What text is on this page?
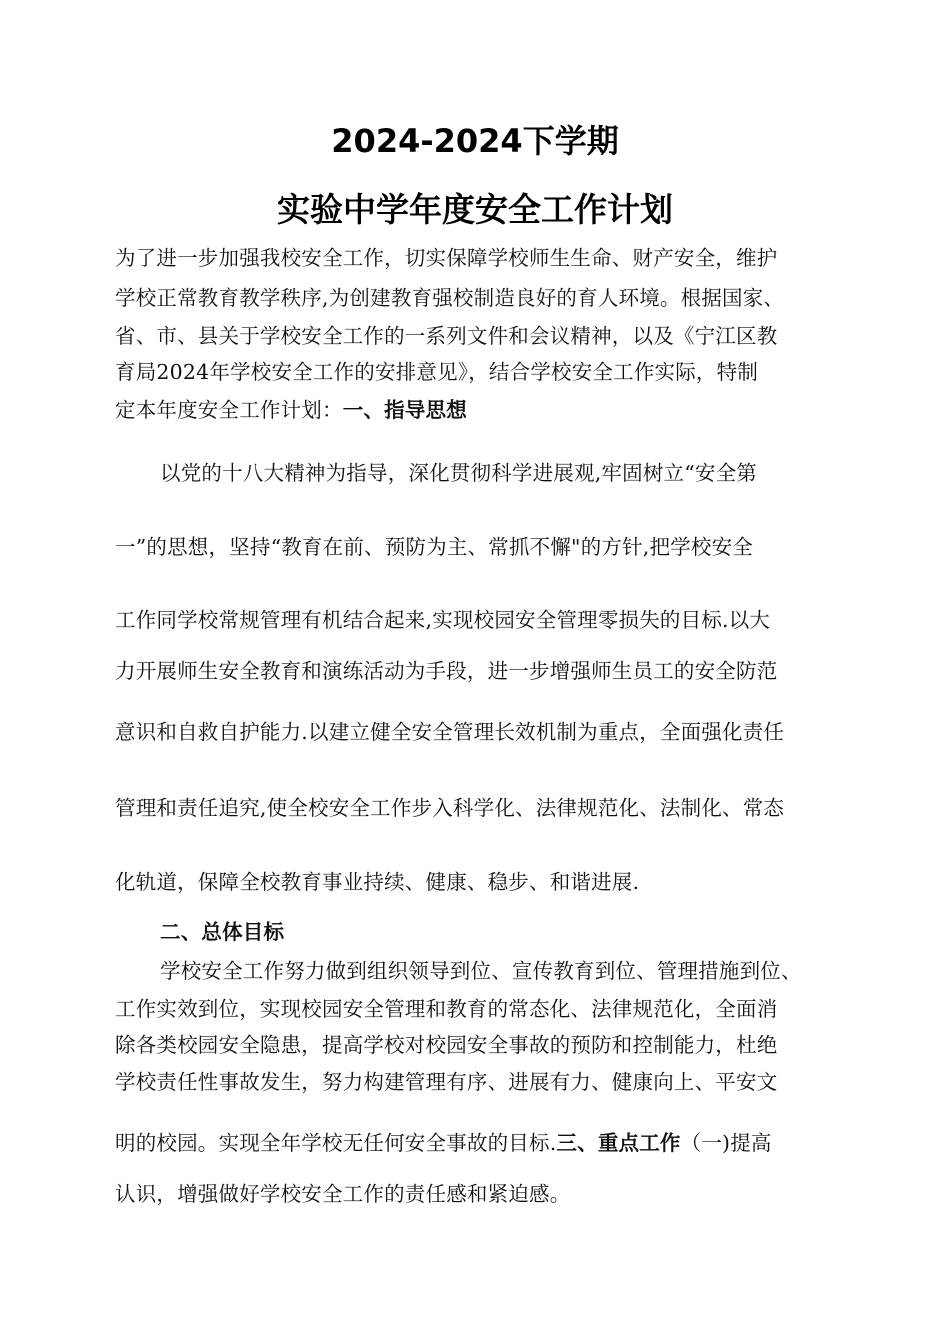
2024-2024下学期
实验中学年度安全工作计划
为了进一步加强我校安全工作，切实保障学校师生生命、财产安全，维护
学校正常教育教学秩序,为创建教育强校制造良好的育人环境。根据国家、
省、市、县关于学校安全工作的一系列文件和会议精神，以及《宁江区教
育局2024年学校安全工作的安排意见》，结合学校安全工作实际，特制
定本年度安全工作计划：一、指导思想
以党的十八大精神为指导，深化贯彻科学进展观,牢固树立“安全第
一”的思想，坚持“教育在前、预防为主、常抓不懈"的方针,把学校安全
工作同学校常规管理有机结合起来,实现校园安全管理零损失的目标.以大
力开展师生安全教育和演练活动为手段，进一步增强师生员工的安全防范
意识和自救自护能力.以建立健全安全管理长效机制为重点，全面强化责任
管理和责任追究,使全校安全工作步入科学化、法律规范化、法制化、常态
化轨道，保障全校教育事业持续、健康、稳步、和谐进展.
二、总体目标
学校安全工作努力做到组织领导到位、宣传教育到位、管理措施到位、
工作实效到位，实现校园安全管理和教育的常态化、法律规范化，全面消
除各类校园安全隐患，提高学校对校园安全事故的预防和控制能力，杜绝
学校责任性事故发生，努力构建管理有序、进展有力、健康向上、平安文
明的校园。实现全年学校无任何安全事故的目标.三、重点工作（一)提高
认识，增强做好学校安全工作的责任感和紧迫感。
